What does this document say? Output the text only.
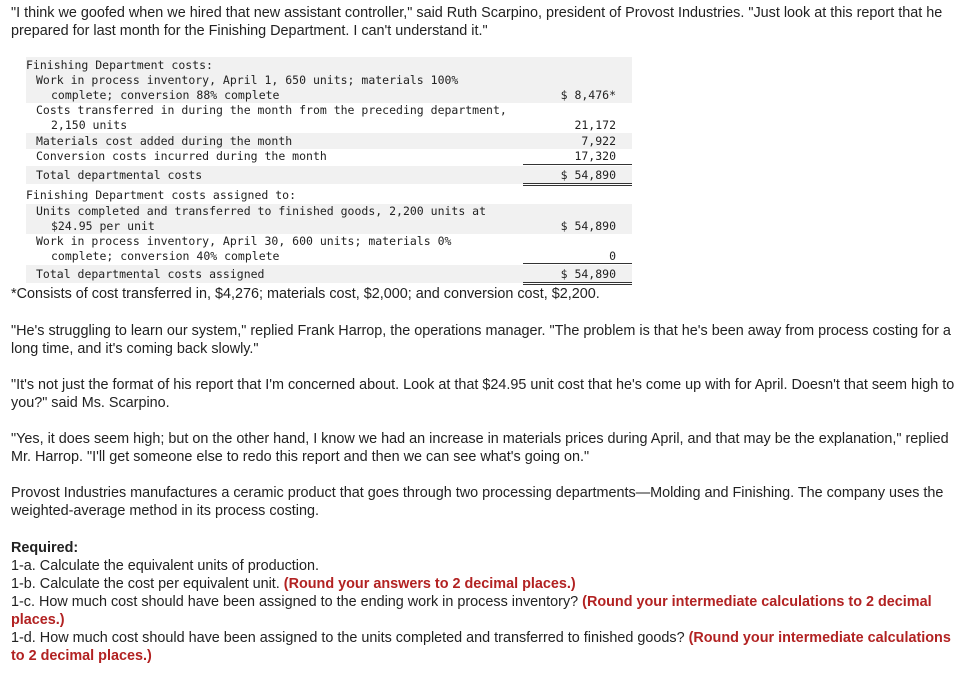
"I think we goofed when we hired that new assistant controller," said Ruth Scarpino, president of Provost Industries. "Just look at this report that he prepared for last month for the Finishing Department. I can't understand it."

Finishing Department costs:
Work in process inventory, April 1, 650 units; materials 100%
complete; conversion 88% complete	$ 8,476*
Costs transferred in during the month from the preceding department,
2,150 units	21,172
Materials cost added during the month	7,922
Conversion costs incurred during the month	17,320
Total departmental costs	$ 54,890
Finishing Department costs assigned to:
Units completed and transferred to finished goods, 2,200 units at
$24.95 per unit	$ 54,890
Work in process inventory, April 30, 600 units; materials 0%
complete; conversion 40% complete	0
Total departmental costs assigned	$ 54,890
*Consists of cost transferred in, $4,276; materials cost, $2,000; and conversion cost, $2,200.

"He's struggling to learn our system," replied Frank Harrop, the operations manager. "The problem is that he's been away from process costing for a long time, and it's coming back slowly."

"It's not just the format of his report that I'm concerned about. Look at that $24.95 unit cost that he's come up with for April. Doesn't that seem high to you?" said Ms. Scarpino.

"Yes, it does seem high; but on the other hand, I know we had an increase in materials prices during April, and that may be the explanation," replied Mr. Harrop. "I'll get someone else to redo this report and then we can see what's going on."

Provost Industries manufactures a ceramic product that goes through two processing departments—Molding and Finishing. The company uses the weighted-average method in its process costing.

Required:
1-a. Calculate the equivalent units of production.
1-b. Calculate the cost per equivalent unit. (Round your answers to 2 decimal places.)
1-c. How much cost should have been assigned to the ending work in process inventory? (Round your intermediate calculations to 2 decimal places.)
1-d. How much cost should have been assigned to the units completed and transferred to finished goods? (Round your intermediate calculations to 2 decimal places.)
